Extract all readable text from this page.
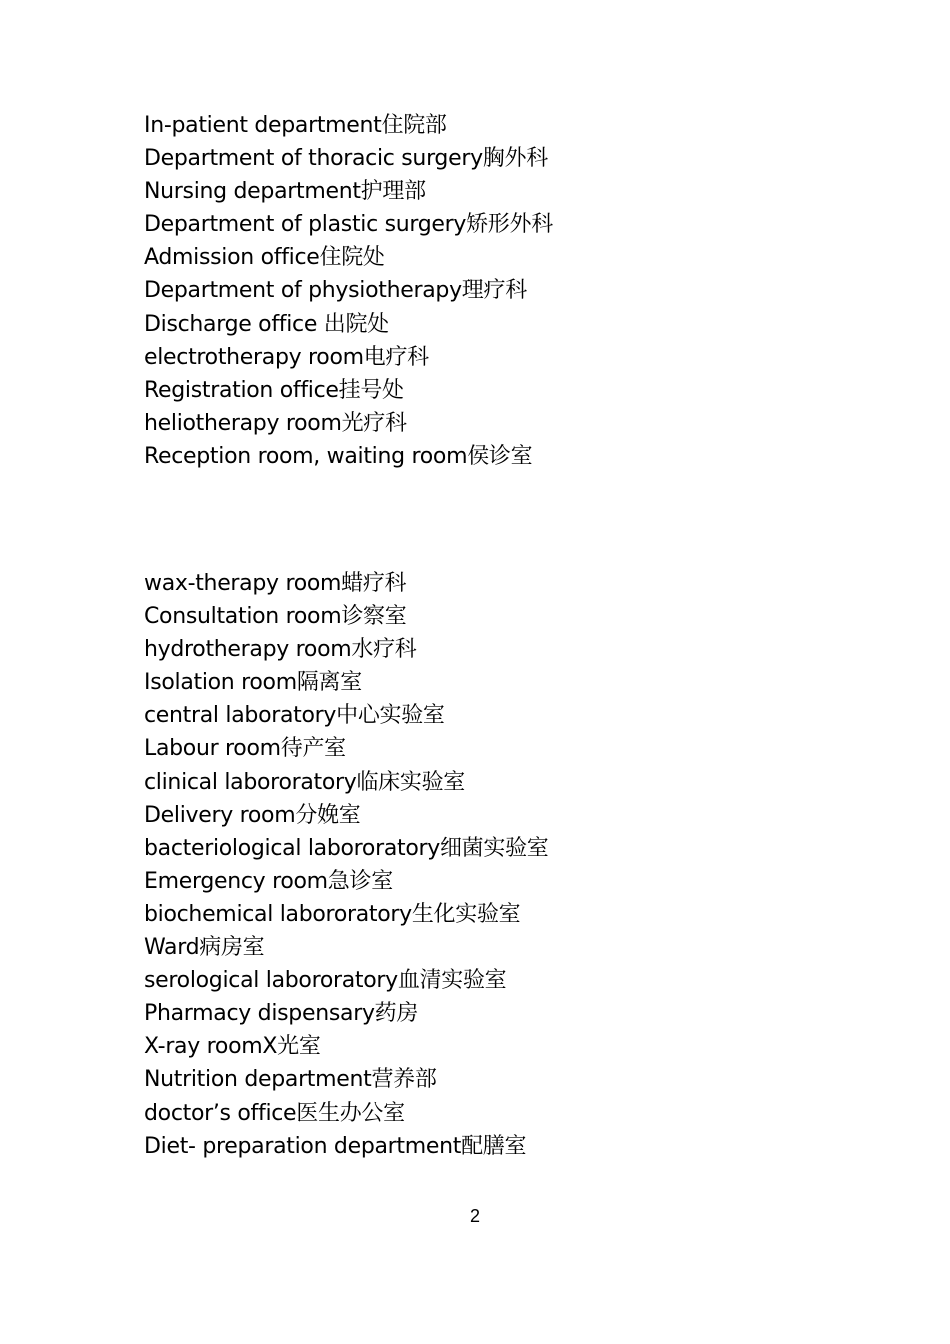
In-patient department住院部
Department of thoracic surgery胸外科
Nursing department护理部
Department of plastic surgery矫形外科
Admission office住院处
Department of physiotherapy理疗科
Discharge office 出院处
electrotherapy room电疗科
Registration office挂号处
heliotherapy room光疗科
Reception room, waiting room侯诊室
wax-therapy room蜡疗科
Consultation room诊察室
hydrotherapy room水疗科
Isolation room隔离室
central laboratory中心实验室
Labour room待产室
clinical labororatory临床实验室
Delivery room分娩室
bacteriological labororatory细菌实验室
Emergency room急诊室
biochemical labororatory生化实验室
Ward病房室
serological labororatory血清实验室
Pharmacy dispensary药房
X-ray roomX光室
Nutrition department营养部
doctor’s office医生办公室
Diet- preparation department配膳室
2
